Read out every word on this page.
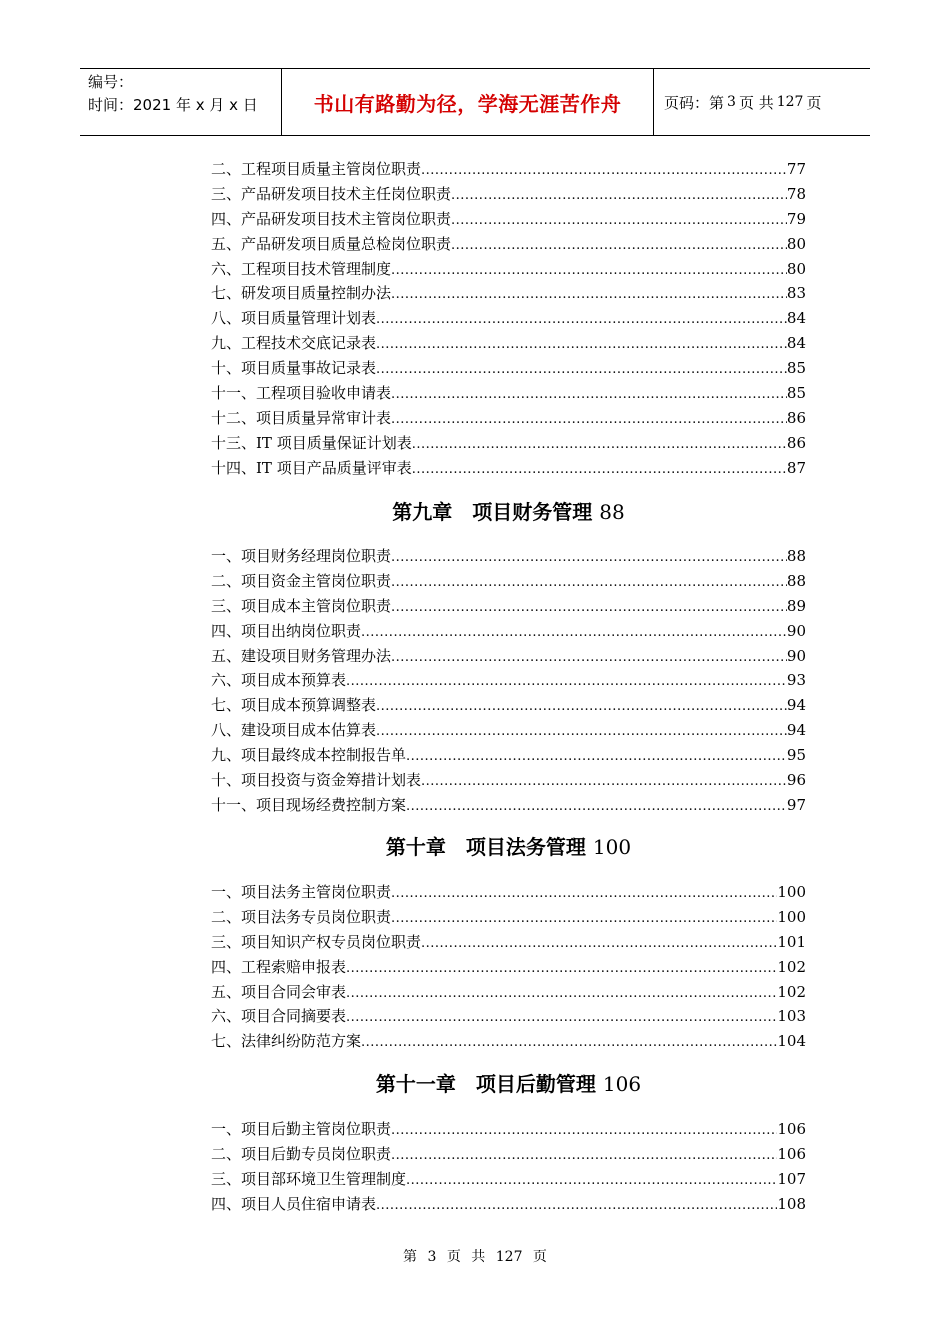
编号：
时间：2021 年 x 月 x 日	书山有路勤为径，学海无涯苦作舟	页码：第 3 页 共 127 页
二、工程项目质量主管岗位职责 .....	77
三、产品研发项目技术主任岗位职责 .....	78
四、产品研发项目技术主管岗位职责 .....	79
五、产品研发项目质量总检岗位职责 .....	80
六、工程项目技术管理制度 .....	80
七、研发项目质量控制办法 .....	83
八、项目质量管理计划表 .....	84
九、工程技术交底记录表 .....	84
十、项目质量事故记录表 .....	85
十一、工程项目验收申请表 .....	85
十二、项目质量异常审计表 .....	86
十三、IT 项目质量保证计划表 .....	86
十四、IT 项目产品质量评审表 .....	87
第九章　项目财务管理 88
一、项目财务经理岗位职责 .....	88
二、项目资金主管岗位职责 .....	88
三、项目成本主管岗位职责 .....	89
四、项目出纳岗位职责 .....	90
五、建设项目财务管理办法 .....	90
六、项目成本预算表 .....	93
七、项目成本预算调整表 .....	94
八、建设项目成本估算表 .....	94
九、项目最终成本控制报告单 .....	95
十、项目投资与资金筹措计划表 .....	96
十一、项目现场经费控制方案 .....	97
第十章　项目法务管理 100
一、项目法务主管岗位职责 .....	100
二、项目法务专员岗位职责 .....	100
三、项目知识产权专员岗位职责 .....	101
四、工程索赔申报表 .....	102
五、项目合同会审表 .....	102
六、项目合同摘要表 .....	103
七、法律纠纷防范方案 .....	104
第十一章　项目后勤管理 106
一、项目后勤主管岗位职责 .....	106
二、项目后勤专员岗位职责 .....	106
三、项目部环境卫生管理制度 .....	107
四、项目人员住宿申请表 .....	108
第 3 页 共 127 页
